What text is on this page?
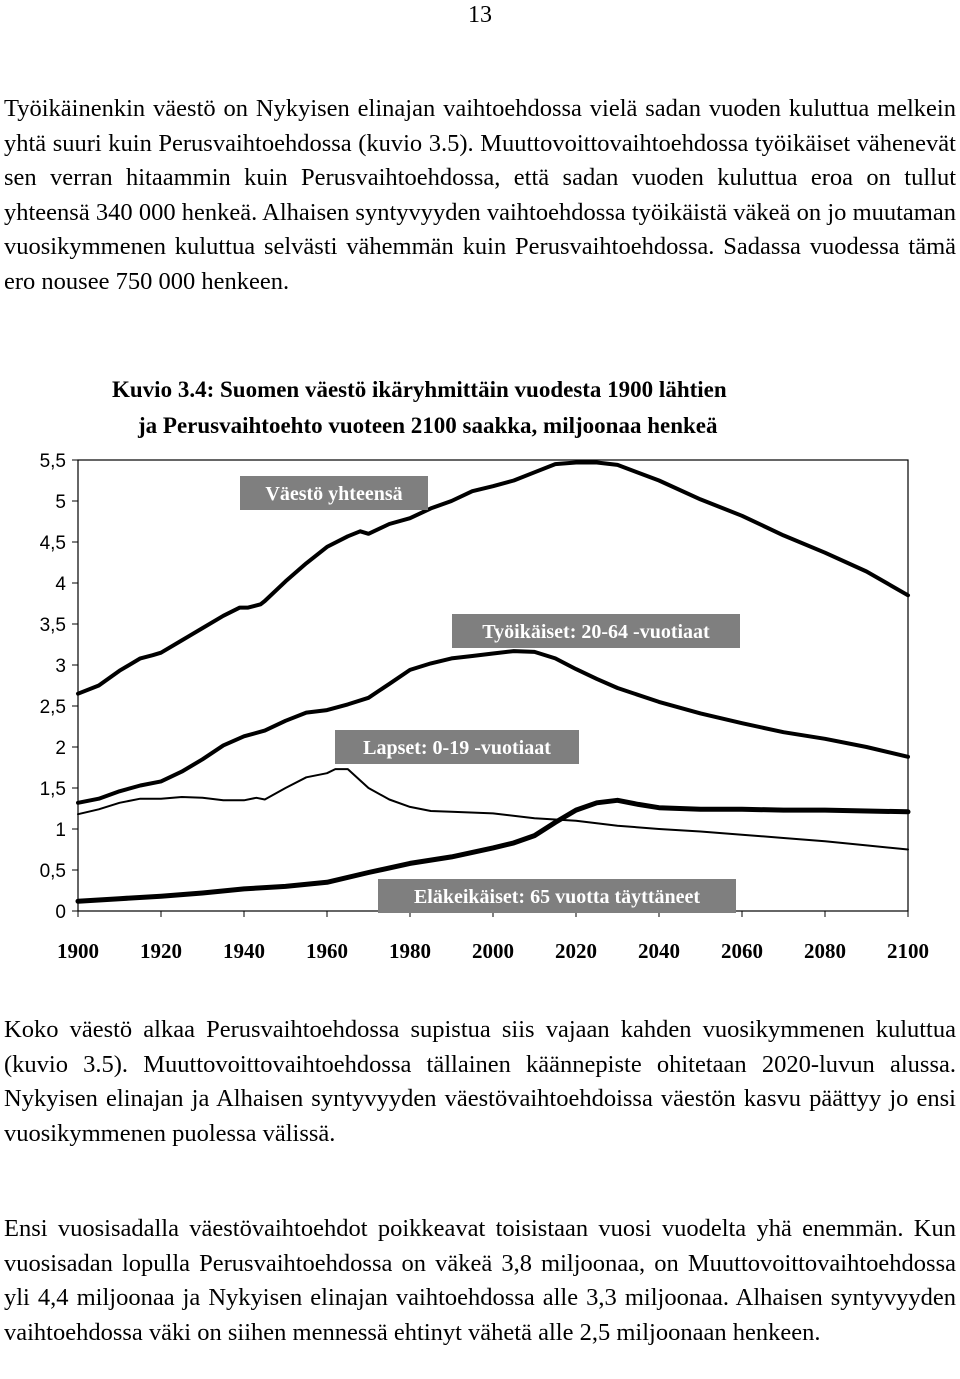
13

Työikäinenkin väestö on Nykyisen elinajan vaihtoehdossa vielä sadan vuoden kuluttua melkein yhtä suuri kuin Perusvaihtoehdossa (kuvio 3.5). Muuttovoittovaihtoehdossa työikäiset vähenevät sen verran hitaammin kuin Perusvaihtoehdossa, että sadan vuoden kuluttua eroa on tullut yhteensä 340 000 henkeä. Alhaisen syntyvyyden vaihtoehdossa työikäistä väkeä on jo muutaman vuosikymmenen kuluttua selvästi vähemmän kuin Perusvaihtoehdossa. Sadassa vuodessa tämä ero nousee 750 000 henkeen.

Kuvio 3.4: Suomen väestö ikäryhmittäin vuodesta 1900 lähtien
ja Perusvaihtoehto vuoteen 2100 saakka, miljoonaa henkeä
0
0,5
1
1,5
2
2,5
3
3,5
4
4,5
5
5,5
1900 1920 1940 1960 1980 2000 2020 2040 2060 2080 2100
Väestö yhteensä
Työikäiset: 20-64 -vuotiaat
Lapset: 0-19 -vuotiaat
Eläkeikäiset: 65 vuotta täyttäneet

Koko väestö alkaa Perusvaihtoehdossa supistua siis vajaan kahden vuosikymmenen kuluttua (kuvio 3.5). Muuttovoittovaihtoehdossa tällainen käännepiste ohitetaan 2020-luvun alussa. Nykyisen elinajan ja Alhaisen syntyvyyden väestövaihtoehdoissa väestön kasvu päättyy jo ensi vuosikymmenen puolessa välissä.

Ensi vuosisadalla väestövaihtoehdot poikkeavat toisistaan vuosi vuodelta yhä enemmän. Kun vuosisadan lopulla Perusvaihtoehdossa on väkeä 3,8 miljoonaa, on Muuttovoittovaihtoehdossa yli 4,4 miljoonaa ja Nykyisen elinajan vaihtoehdossa alle 3,3 miljoonaa. Alhaisen syntyvyyden vaihtoehdossa väki on siihen mennessä ehtinyt vähetä alle 2,5 miljoonaan henkeen.
